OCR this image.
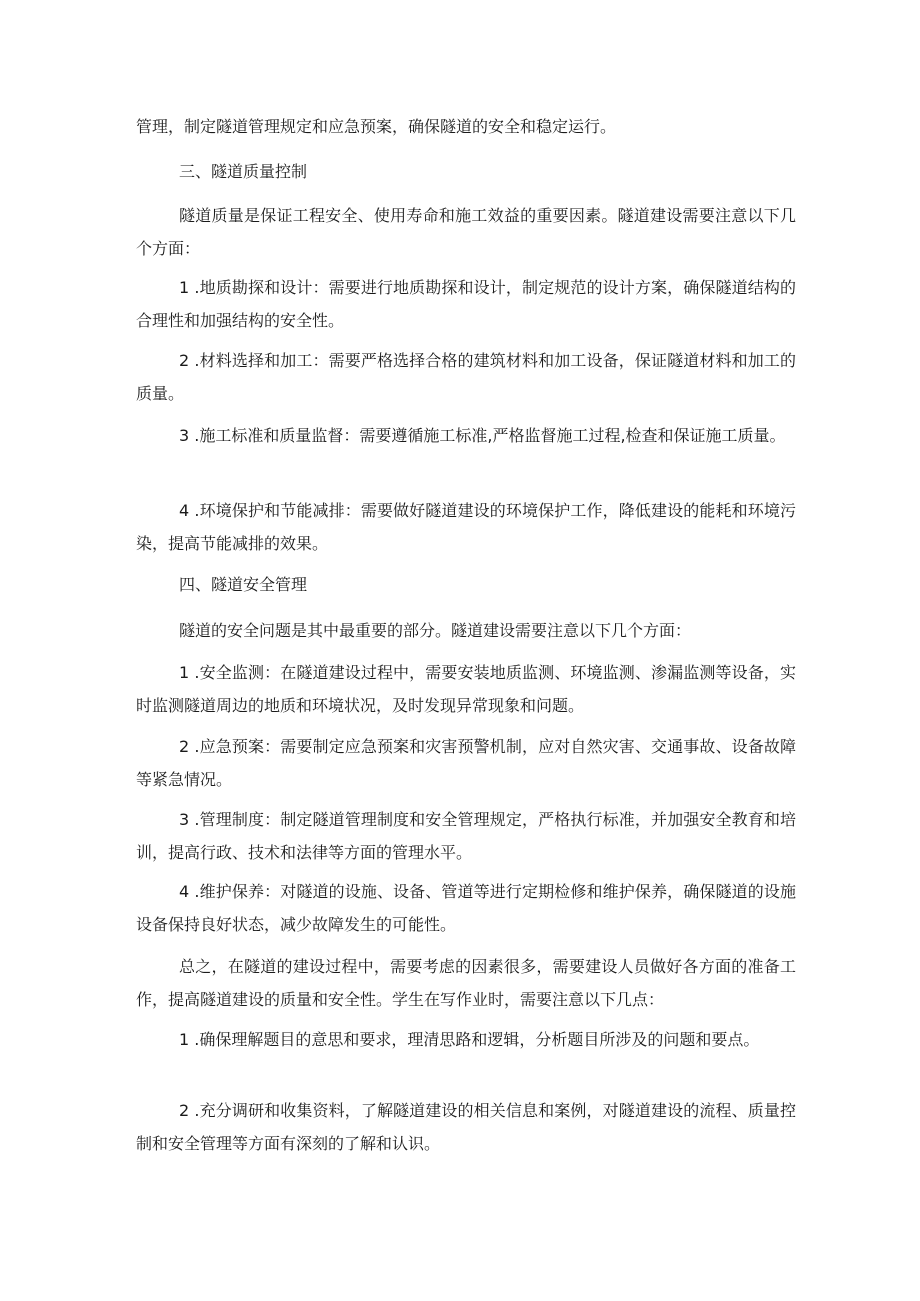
管理，制定隧道管理规定和应急预案，确保隧道的安全和稳定运行。

三、隧道质量控制

隧道质量是保证工程安全、使用寿命和施工效益的重要因素。隧道建设需要注意以下几个方面：

1 .地质勘探和设计：需要进行地质勘探和设计，制定规范的设计方案，确保隧道结构的合理性和加强结构的安全性。

2 .材料选择和加工：需要严格选择合格的建筑材料和加工设备，保证隧道材料和加工的质量。

3 .施工标准和质量监督：需要遵循施工标准,严格监督施工过程,检查和保证施工质量。

4 .环境保护和节能减排：需要做好隧道建设的环境保护工作，降低建设的能耗和环境污染，提高节能减排的效果。

四、隧道安全管理

隧道的安全问题是其中最重要的部分。隧道建设需要注意以下几个方面：

1 .安全监测：在隧道建设过程中，需要安装地质监测、环境监测、渗漏监测等设备，实时监测隧道周边的地质和环境状况，及时发现异常现象和问题。

2 .应急预案：需要制定应急预案和灾害预警机制，应对自然灾害、交通事故、设备故障等紧急情况。

3 .管理制度：制定隧道管理制度和安全管理规定，严格执行标准，并加强安全教育和培训，提高行政、技术和法律等方面的管理水平。

4 .维护保养：对隧道的设施、设备、管道等进行定期检修和维护保养，确保隧道的设施设备保持良好状态，减少故障发生的可能性。

总之，在隧道的建设过程中，需要考虑的因素很多，需要建设人员做好各方面的准备工作，提高隧道建设的质量和安全性。学生在写作业时，需要注意以下几点：

1 .确保理解题目的意思和要求，理清思路和逻辑，分析题目所涉及的问题和要点。

2 .充分调研和收集资料，了解隧道建设的相关信息和案例，对隧道建设的流程、质量控制和安全管理等方面有深刻的了解和认识。
